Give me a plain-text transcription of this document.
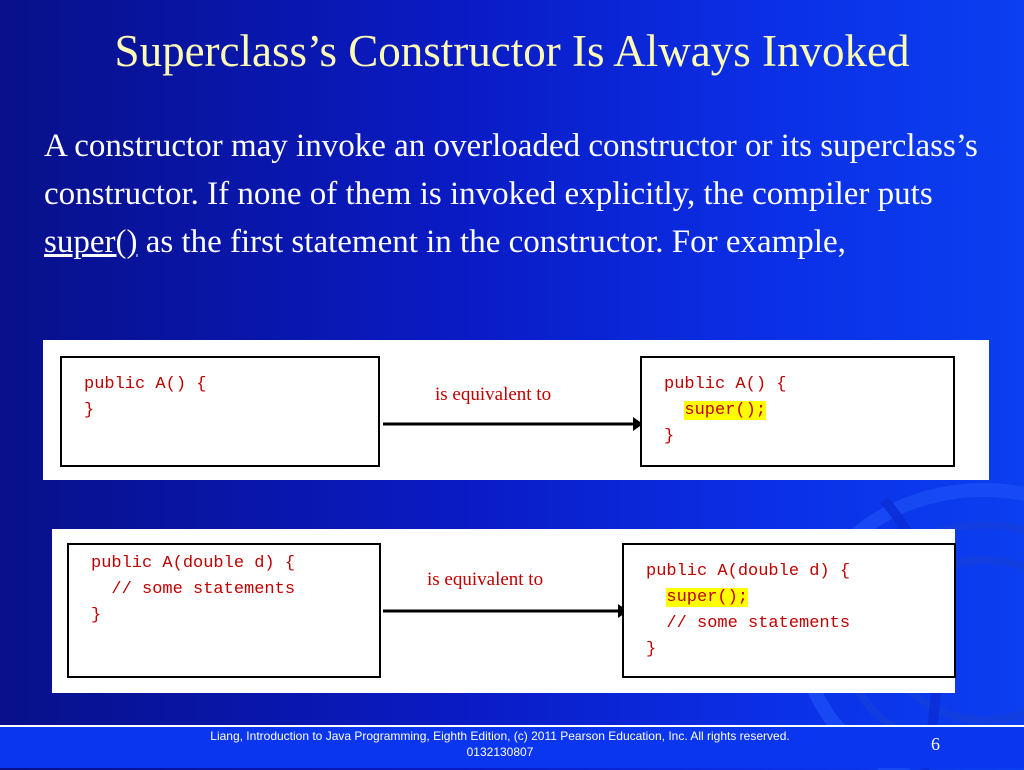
Superclass’s Constructor Is Always Invoked
A constructor may invoke an overloaded constructor or its superclass’s constructor. If none of them is invoked explicitly, the compiler puts super() as the first statement in the constructor. For example,
public A() {
}
is equivalent to	public A() {
super();
}
public A(double d) {
// some statements
}
is equivalent to	public A(double d) {
super();
// some statements
}
Liang, Introduction to Java Programming, Eighth Edition, (c) 2011 Pearson Education, Inc. All rights reserved. 0132130807	6
